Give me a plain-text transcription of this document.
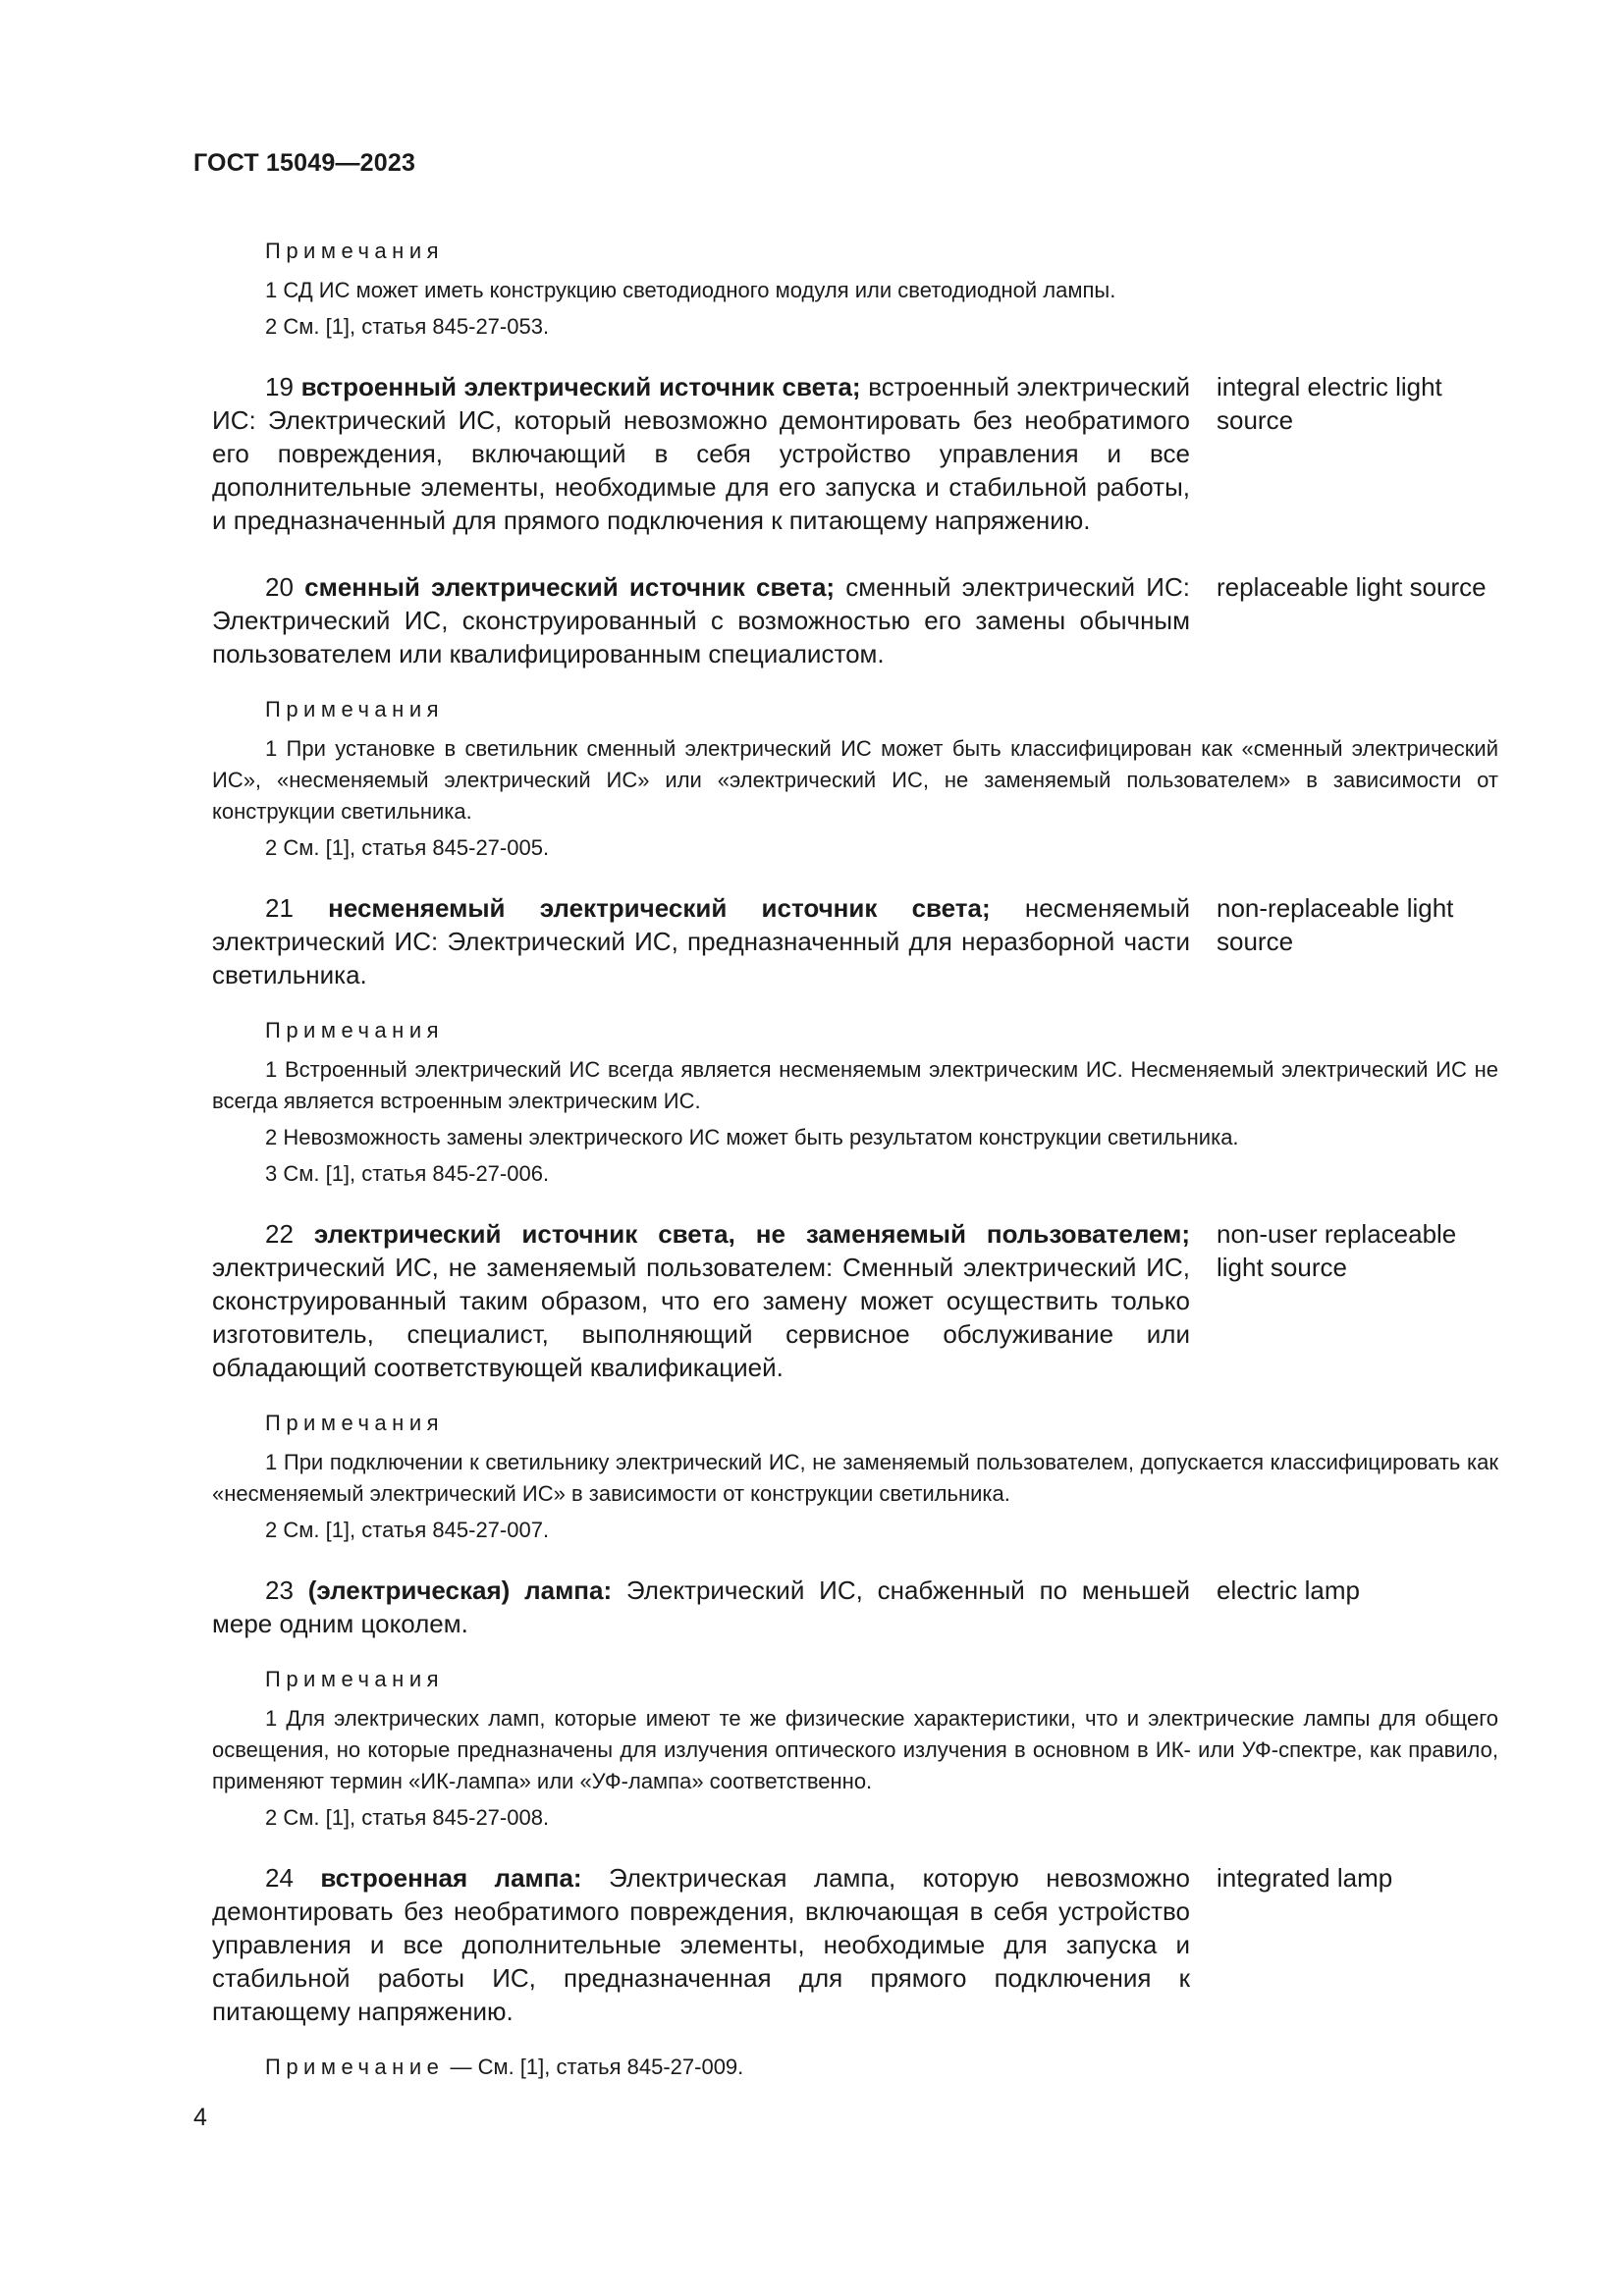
ГОСТ 15049—2023
Примечания
1 СД ИС может иметь конструкцию светодиодного модуля или светодиодной лампы.
2 См. [1], статья 845-27-053.
19 встроенный электрический источник света; встроенный электрический ИС: Электрический ИС, который невозможно демонтировать без необратимого его повреждения, включающий в себя устройство управления и все дополнительные элементы, необходимые для его запуска и стабильной работы, и предназначенный для прямого подключения к питающему напряжению.
integral electric light source
20 сменный электрический источник света; сменный электрический ИС: Электрический ИС, сконструированный с возможностью его замены обычным пользователем или квалифицированным специалистом.
replaceable light source
Примечания
1 При установке в светильник сменный электрический ИС может быть классифицирован как «сменный электрический ИС», «несменяемый электрический ИС» или «электрический ИС, не заменяемый пользователем» в зависимости от конструкции светильника.
2 См. [1], статья 845-27-005.
21 несменяемый электрический источник света; несменяемый электрический ИС: Электрический ИС, предназначенный для неразборной части светильника.
non-replaceable light source
Примечания
1 Встроенный электрический ИС всегда является несменяемым электрическим ИС. Несменяемый электрический ИС не всегда является встроенным электрическим ИС.
2 Невозможность замены электрического ИС может быть результатом конструкции светильника.
3 См. [1], статья 845-27-006.
22 электрический источник света, не заменяемый пользователем; электрический ИС, не заменяемый пользователем: Сменный электрический ИС, сконструированный таким образом, что его замену может осуществить только изготовитель, специалист, выполняющий сервисное обслуживание или обладающий соответствующей квалификацией.
non-user replaceable light source
Примечания
1 При подключении к светильнику электрический ИС, не заменяемый пользователем, допускается классифицировать как «несменяемый электрический ИС» в зависимости от конструкции светильника.
2 См. [1], статья 845-27-007.
23 (электрическая) лампа: Электрический ИС, снабженный по меньшей мере одним цоколем.
electric lamp
Примечания
1 Для электрических ламп, которые имеют те же физические характеристики, что и электрические лампы для общего освещения, но которые предназначены для излучения оптического излучения в основном в ИК- или УФ-спектре, как правило, применяют термин «ИК-лампа» или «УФ-лампа» соответственно.
2 См. [1], статья 845-27-008.
24 встроенная лампа: Электрическая лампа, которую невозможно демонтировать без необратимого повреждения, включающая в себя устройство управления и все дополнительные элементы, необходимые для запуска и стабильной работы ИС, предназначенная для прямого подключения к питающему напряжению.
integrated lamp
Примечание — См. [1], статья 845-27-009.
4
